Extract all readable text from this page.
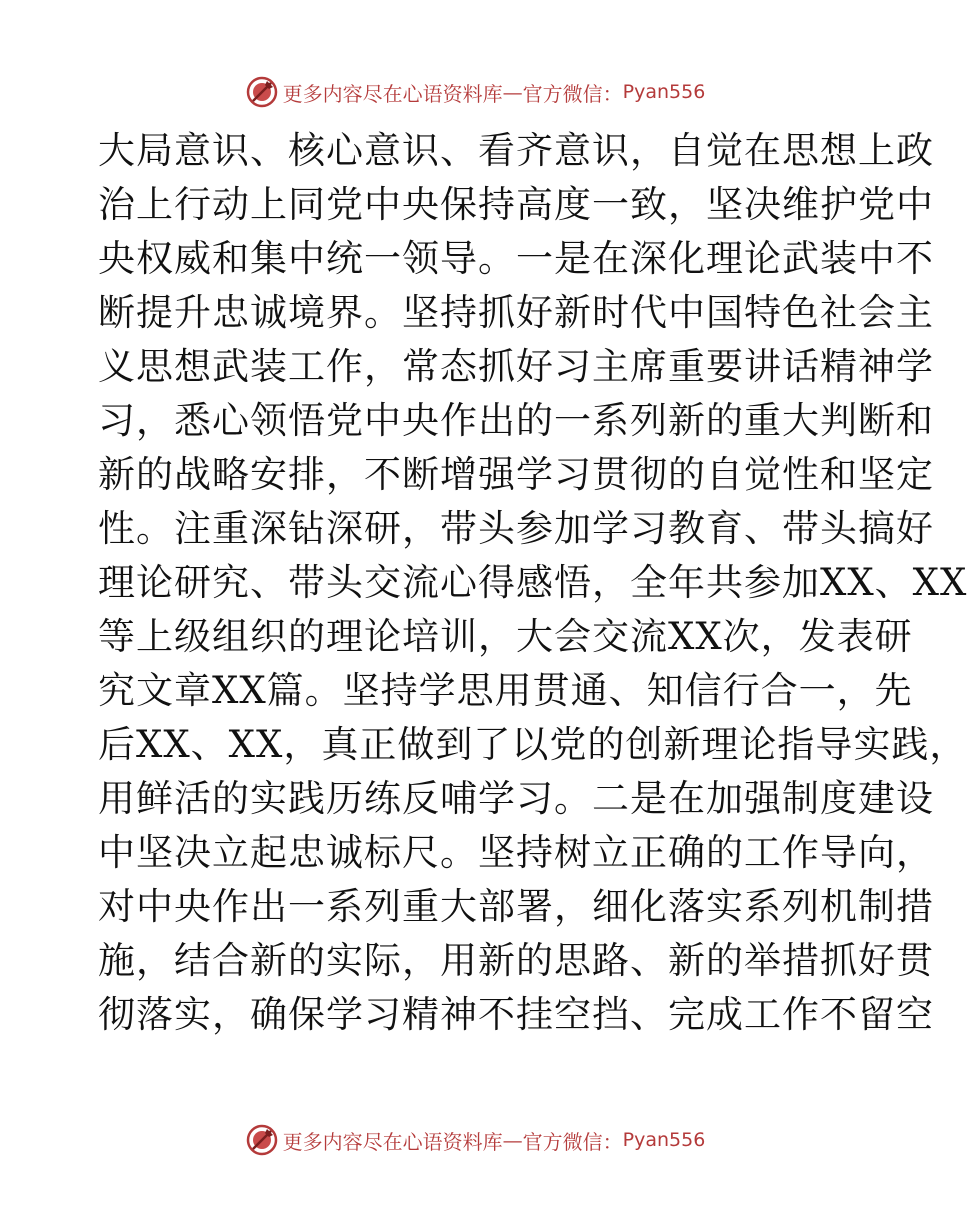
更多内容尽在心语资料库 — 官方微信： Pyan556
大局意识、核心意识、看齐意识，自觉在思想上政
治上行动上同党中央保持高度一致，坚决维护党中
央权威和集中统一领导。一是在深化理论武装中不
断提升忠诚境界。坚持抓好新时代中国特色社会主
义思想武装工作，常态抓好习主席重要讲话精神学
习，悉心领悟党中央作出的一系列新的重大判断和
新的战略安排，不断增强学习贯彻的自觉性和坚定
性。注重深钻深研，带头参加学习教育、带头搞好
理论研究、带头交流心得感悟，全年共参加XX、XX
等上级组织的理论培训，大会交流XX次，发表研
究文章XX篇。坚持学思用贯通、知信行合一，先
后XX、XX，真正做到了以党的创新理论指导实践，
用鲜活的实践历练反哺学习。二是在加强制度建设
中坚决立起忠诚标尺。坚持树立正确的工作导向，
对中央作出一系列重大部署，细化落实系列机制措
施，结合新的实际，用新的思路、新的举措抓好贯
彻落实，确保学习精神不挂空挡、完成工作不留空
更多内容尽在心语资料库 — 官方微信： Pyan556
